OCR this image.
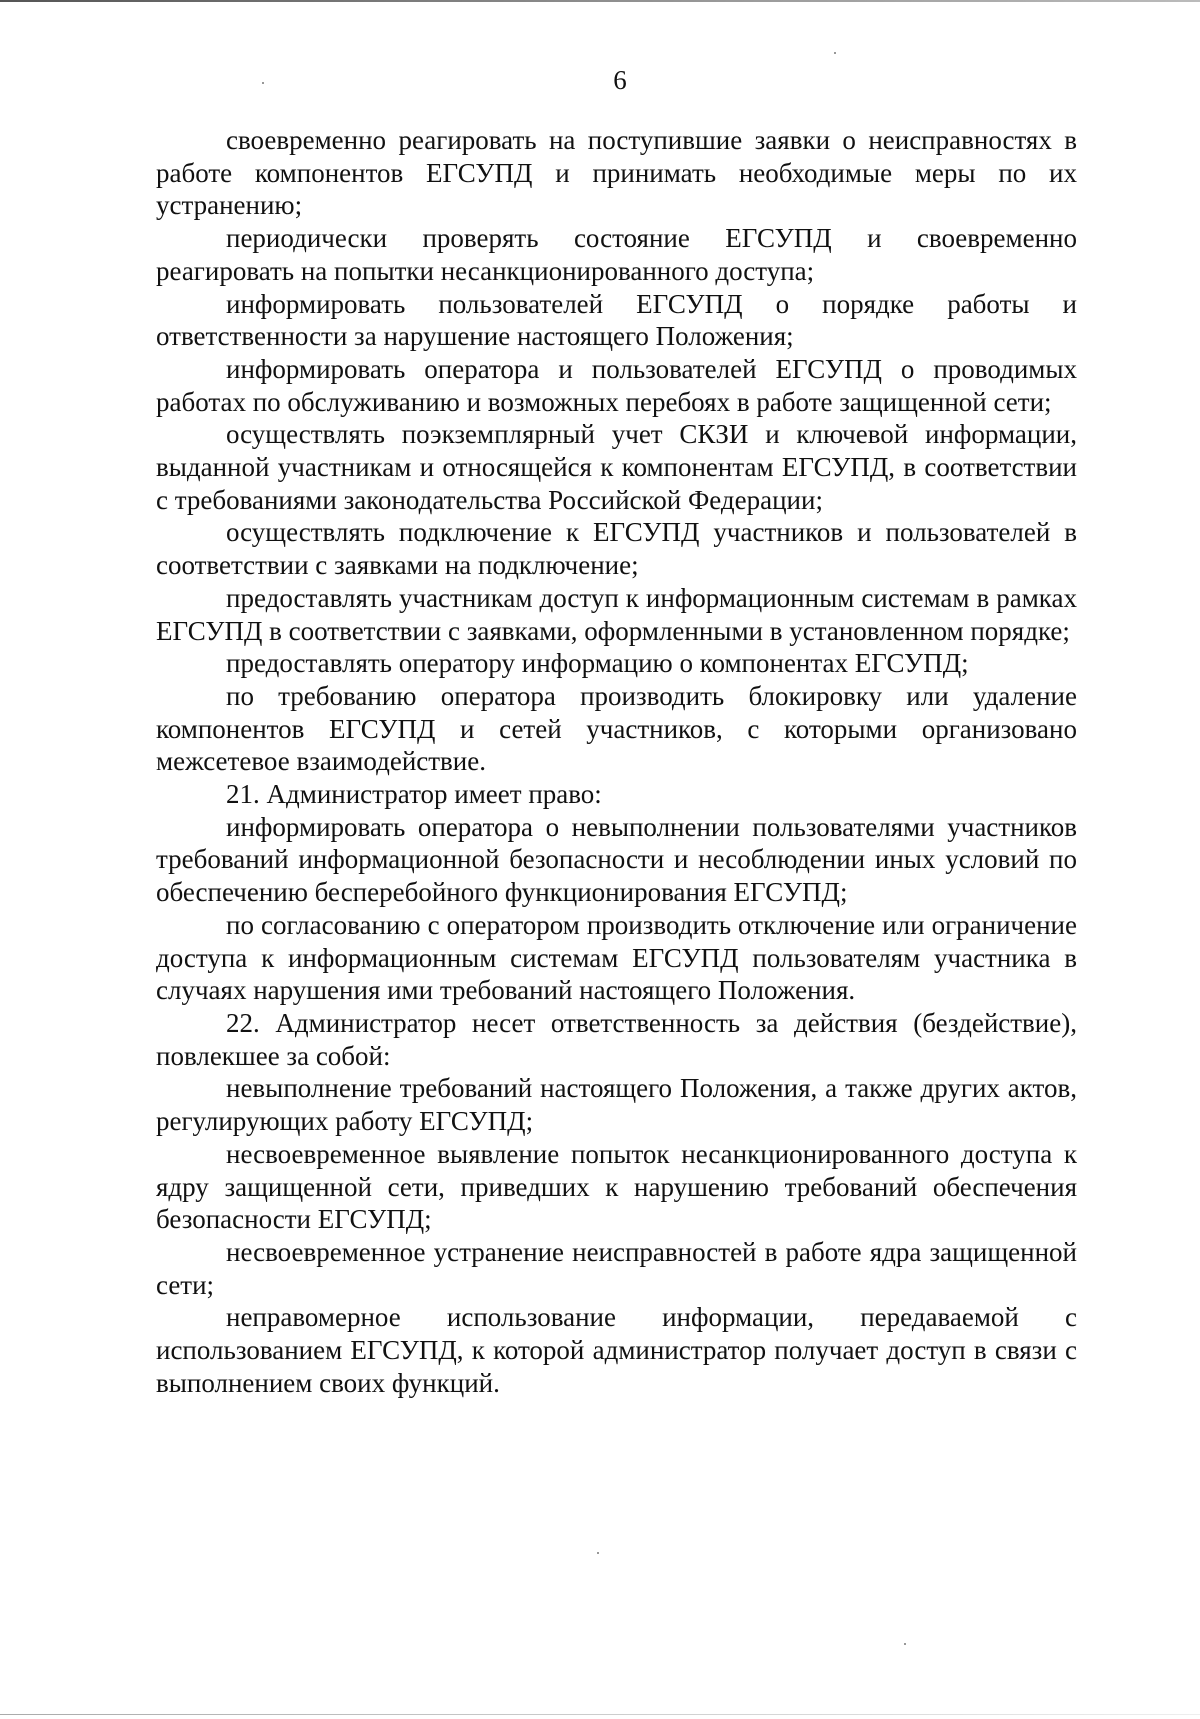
6

своевременно реагировать на поступившие заявки о неисправностях в работе компонентов ЕГСУПД и принимать необходимые меры по их устранению;

периодически проверять состояние ЕГСУПД и своевременно реагировать на попытки несанкционированного доступа;

информировать пользователей ЕГСУПД о порядке работы и ответственности за нарушение настоящего Положения;

информировать оператора и пользователей ЕГСУПД о проводимых работах по обслуживанию и возможных перебоях в работе защищенной сети;

осуществлять поэкземплярный учет СКЗИ и ключевой информации, выданной участникам и относящейся к компонентам ЕГСУПД, в соответствии с требованиями законодательства Российской Федерации;

осуществлять подключение к ЕГСУПД участников и пользователей в соответствии с заявками на подключение;

предоставлять участникам доступ к информационным системам в рамках ЕГСУПД в соответствии с заявками, оформленными в установленном порядке;

предоставлять оператору информацию о компонентах ЕГСУПД;

по требованию оператора производить блокировку или удаление компонентов ЕГСУПД и сетей участников, с которыми организовано межсетевое взаимодействие.

21. Администратор имеет право:

информировать оператора о невыполнении пользователями участников требований информационной безопасности и несоблюдении иных условий по обеспечению бесперебойного функционирования ЕГСУПД;

по согласованию с оператором производить отключение или ограничение доступа к информационным системам ЕГСУПД пользователям участника в случаях нарушения ими требований настоящего Положения.

22. Администратор несет ответственность за действия (бездействие), повлекшее за собой:

невыполнение требований настоящего Положения, а также других актов, регулирующих работу ЕГСУПД;

несвоевременное выявление попыток несанкционированного доступа к ядру защищенной сети, приведших к нарушению требований обеспечения безопасности ЕГСУПД;

несвоевременное устранение неисправностей в работе ядра защищенной сети;

неправомерное использование информации, передаваемой с использованием ЕГСУПД, к которой администратор получает доступ в связи с выполнением своих функций.
